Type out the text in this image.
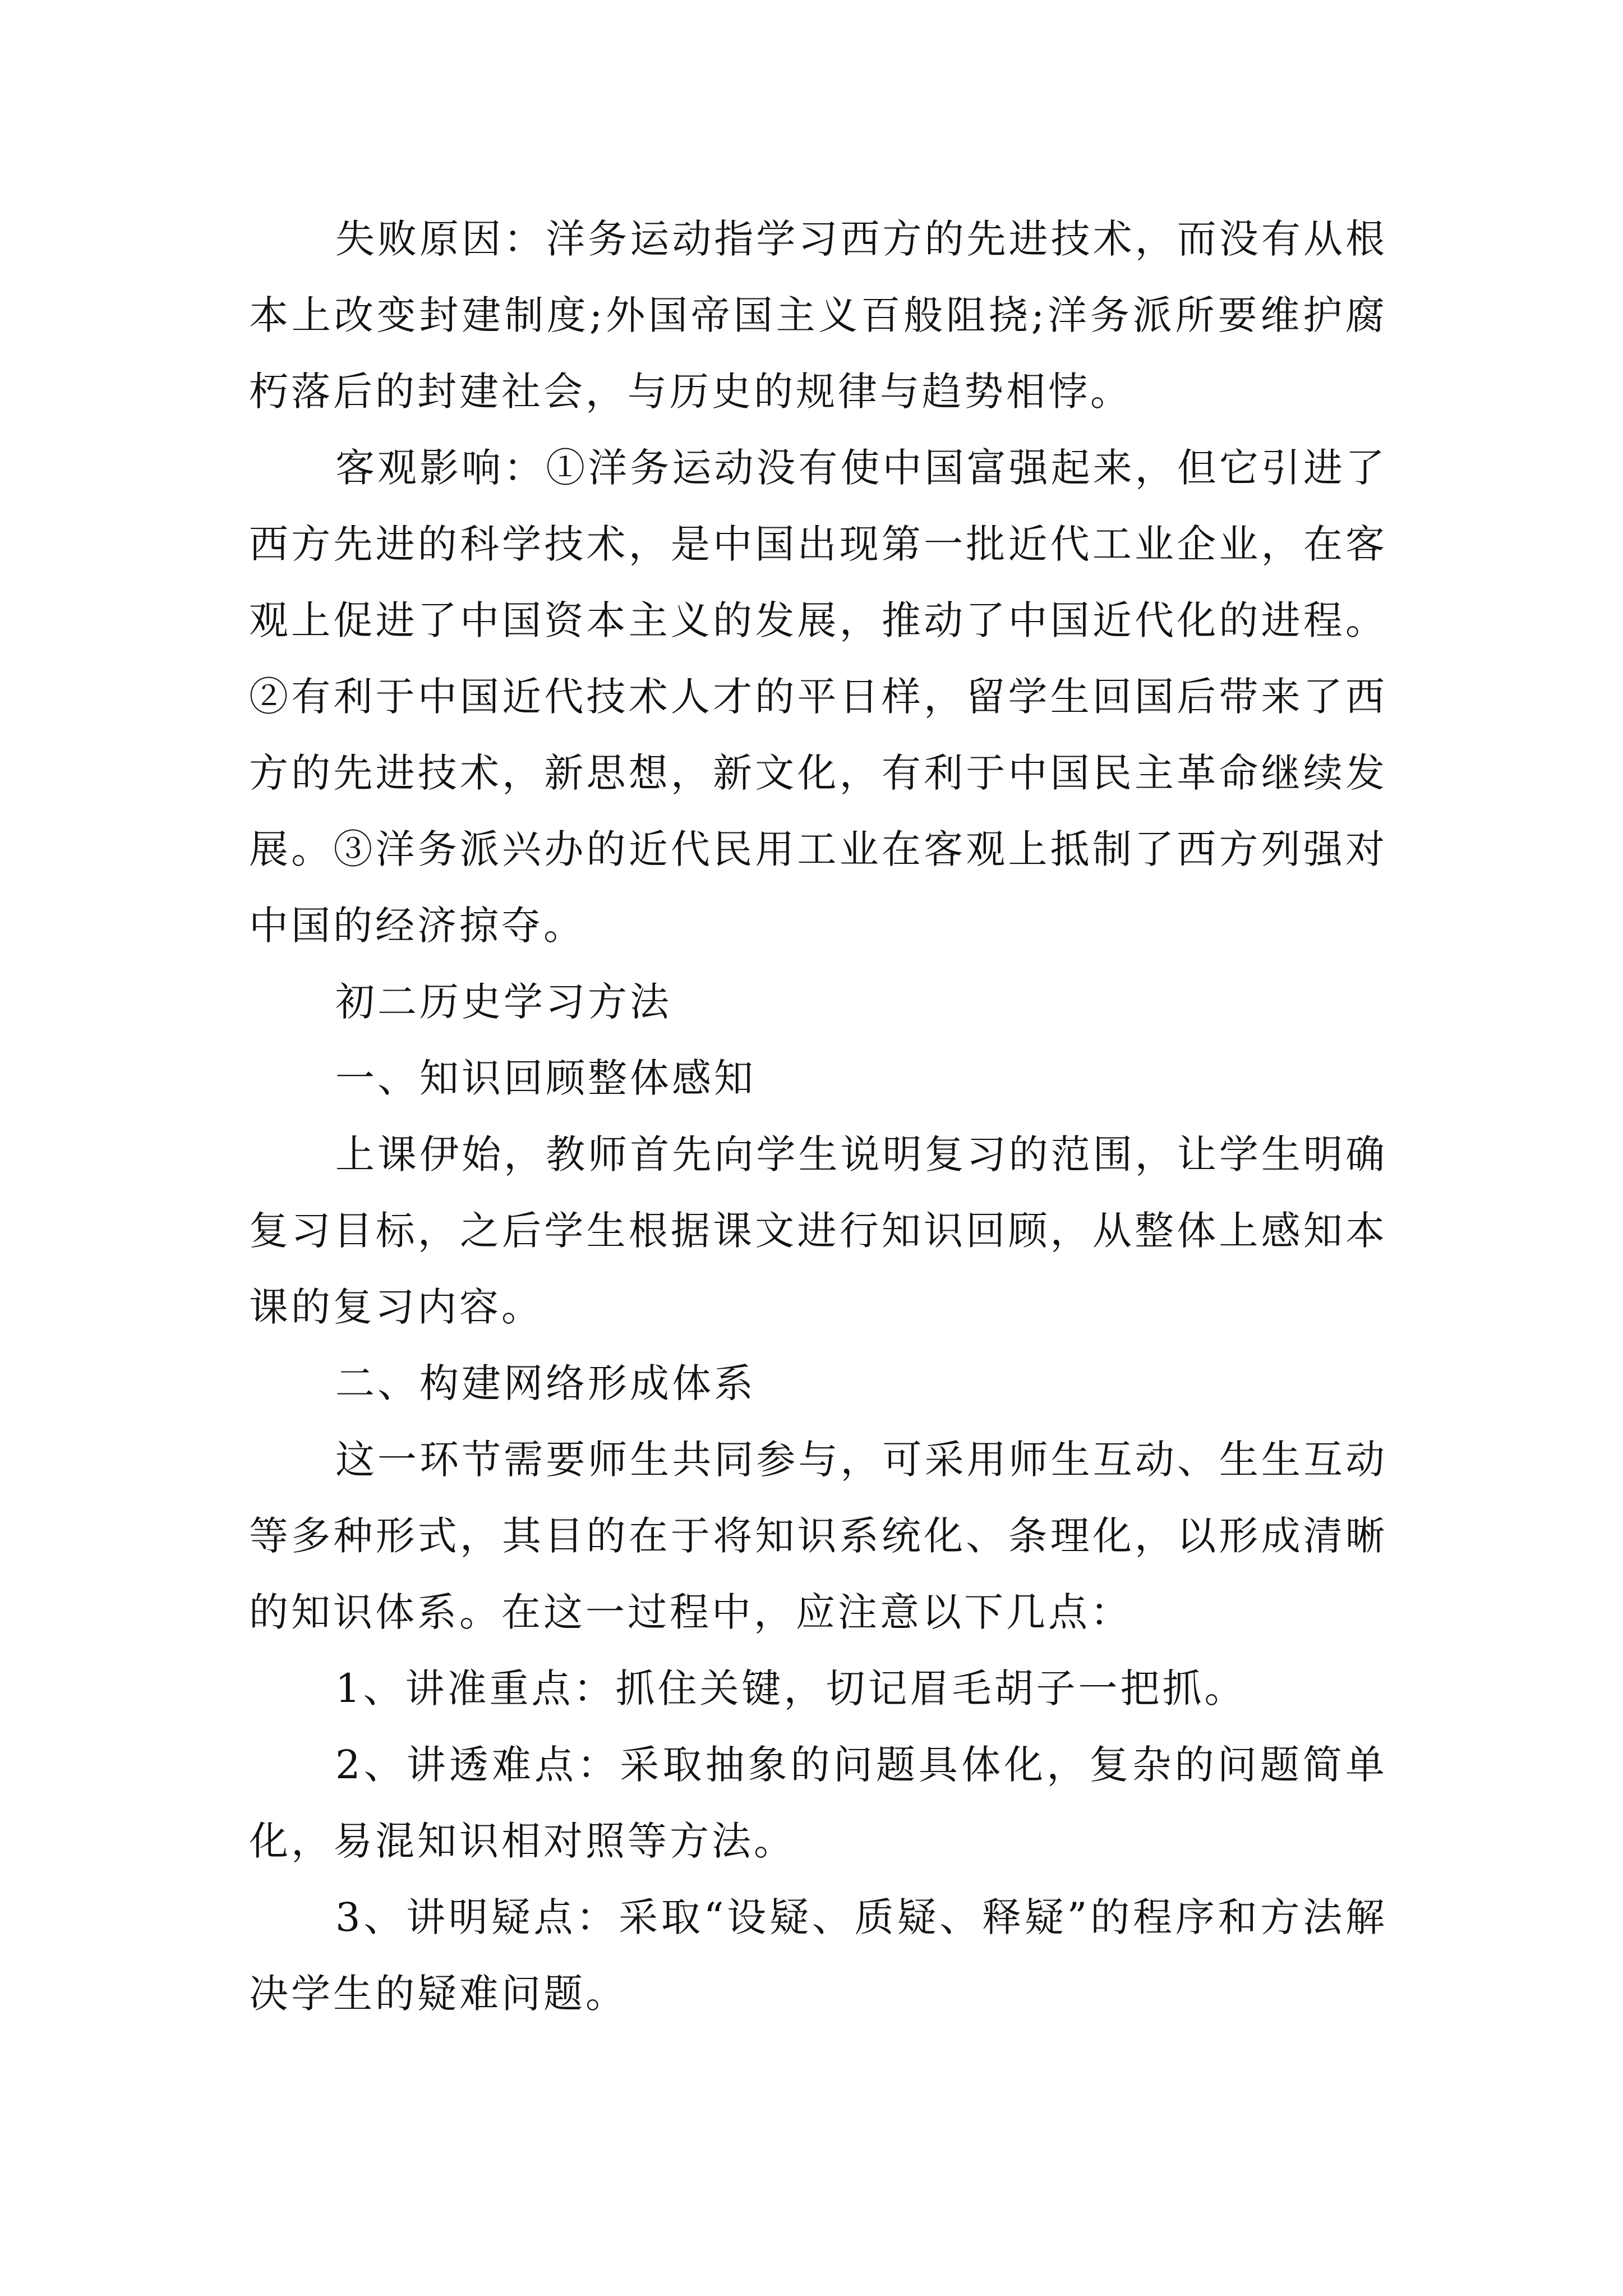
失败原因：洋务运动指学习西方的先进技术，而没有从根本上改变封建制度;外国帝国主义百般阻挠;洋务派所要维护腐朽落后的封建社会，与历史的规律与趋势相悖。

客观影响：①洋务运动没有使中国富强起来，但它引进了西方先进的科学技术，是中国出现第一批近代工业企业，在客观上促进了中国资本主义的发展，推动了中国近代化的进程。②有利于中国近代技术人才的平日样，留学生回国后带来了西方的先进技术，新思想，新文化，有利于中国民主革命继续发展。③洋务派兴办的近代民用工业在客观上抵制了西方列强对中国的经济掠夺。

初二历史学习方法

一、知识回顾整体感知

上课伊始，教师首先向学生说明复习的范围，让学生明确复习目标，之后学生根据课文进行知识回顾，从整体上感知本课的复习内容。

二、构建网络形成体系

这一环节需要师生共同参与，可采用师生互动、生生互动等多种形式，其目的在于将知识系统化、条理化，以形成清晰的知识体系。在这一过程中，应注意以下几点：

1、讲准重点：抓住关键，切记眉毛胡子一把抓。

2、讲透难点：采取抽象的问题具体化，复杂的问题简单化，易混知识相对照等方法。

3、讲明疑点：采取“设疑、质疑、释疑”的程序和方法解决学生的疑难问题。
